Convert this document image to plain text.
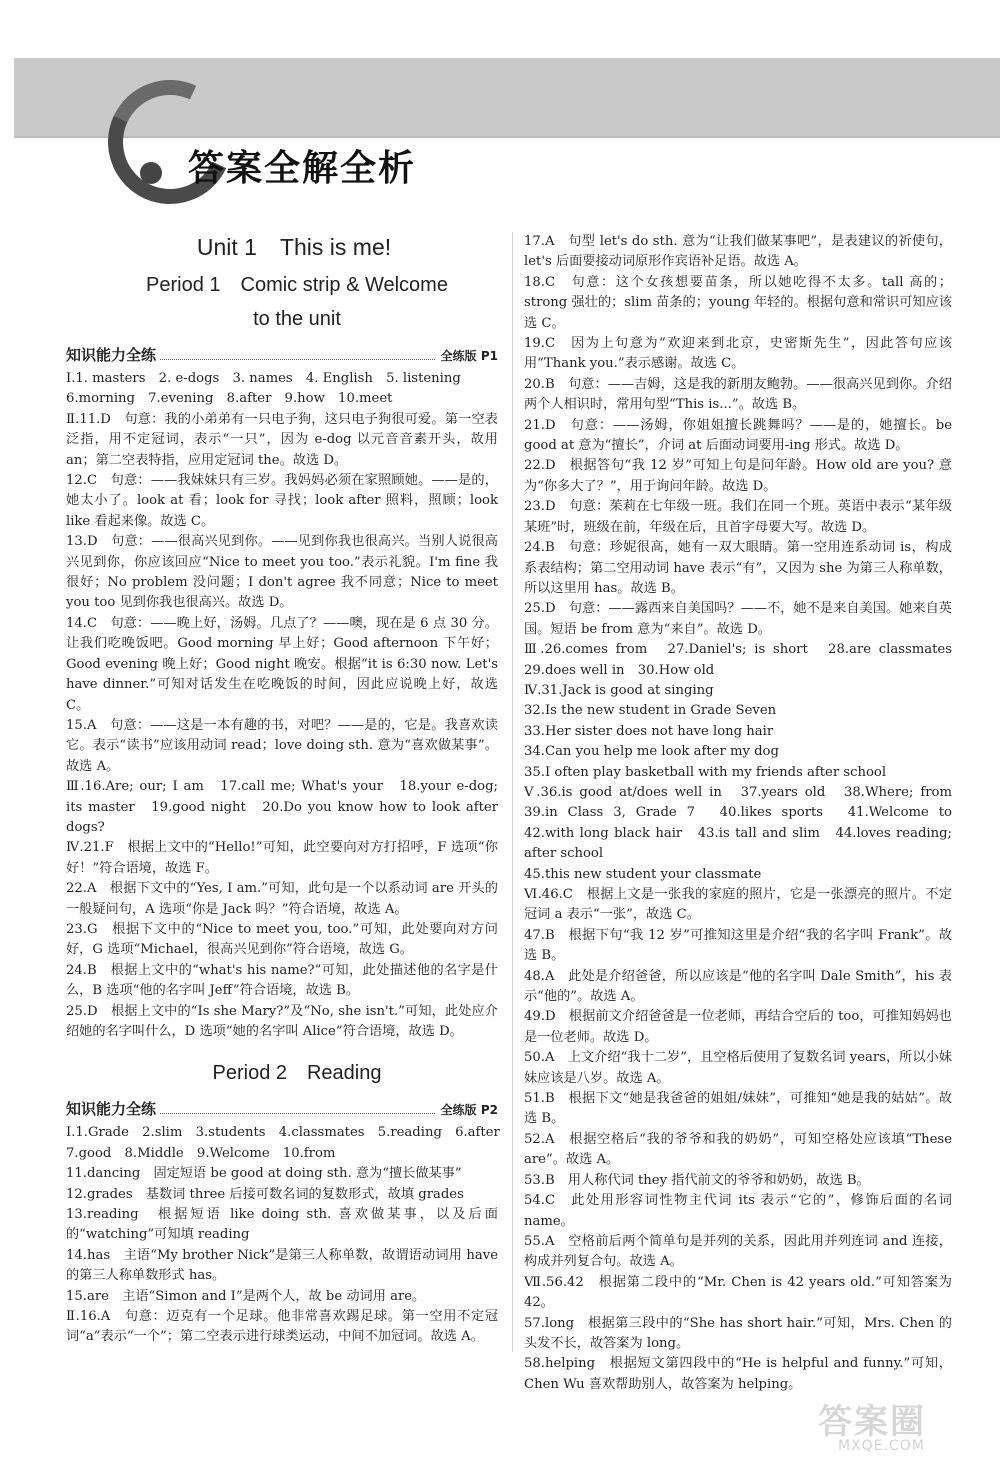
答案全解全析
Unit 1　This is me!
Period 1　Comic strip & Welcome
to the unit
知识能力全练	全练版 P1
Ⅰ.1. masters　2. e-dogs　3. names　4. English　5. listening
6.morning　7.evening　8.after　9.how　10.meet
Ⅱ.11.D　句意：我的小弟弟有一只电子狗，这只电子狗很可爱。第一空表泛指，用不定冠词，表示“一只”，因为 e-dog 以元音音素开头，故用 an；第二空表特指，应用定冠词 the。故选 D。
12.C　句意：——我妹妹只有三岁。我妈妈必须在家照顾她。——是的，她太小了。look at 看；look for 寻找；look after 照料，照顾；look like 看起来像。故选 C。
13.D　句意：——很高兴见到你。——见到你我也很高兴。当别人说很高兴见到你，你应该回应“Nice to meet you too.”表示礼貌。I'm fine 我很好；No problem 没问题；I don't agree 我不同意；Nice to meet you too 见到你我也很高兴。故选 D。
14.C　句意：——晚上好，汤姆。几点了？——噢，现在是 6 点 30 分。让我们吃晚饭吧。Good morning 早上好；Good afternoon 下午好；Good evening 晚上好；Good night 晚安。根据“it is 6:30 now. Let's have dinner.”可知对话发生在吃晚饭的时间，因此应说晚上好，故选 C。
15.A　句意：——这是一本有趣的书，对吧？——是的，它是。我喜欢读它。表示“读书”应该用动词 read；love doing sth. 意为“喜欢做某事”。故选 A。
Ⅲ.16.Are; our; I am　17.call me; What's your　18.your e-dog; its master　19.good night　20.Do you know how to look after dogs?
Ⅳ.21.F　根据上文中的“Hello!”可知，此空要向对方打招呼，F 选项“你好！”符合语境，故选 F。
22.A　根据下文中的“Yes, I am.”可知，此句是一个以系动词 are 开头的一般疑问句，A 选项“你是 Jack 吗？”符合语境，故选 A。
23.G　根据下文中的“Nice to meet you, too.”可知，此处要向对方问好，G 选项“Michael，很高兴见到你”符合语境，故选 G。
24.B　根据上文中的“what's his name?”可知，此处描述他的名字是什么，B 选项“他的名字叫 Jeff”符合语境，故选 B。
25.D　根据上文中的“Is she Mary?”及“No, she isn't.”可知，此处应介绍她的名字叫什么，D 选项“她的名字叫 Alice”符合语境，故选 D。
Period 2　Reading
知识能力全练	全练版 P2
Ⅰ.1.Grade　2.slim　3.students　4.classmates　5.reading　6.after
7.good　8.Middle　9.Welcome　10.from
11.dancing　固定短语 be good at doing sth. 意为“擅长做某事”
12.grades　基数词 three 后接可数名词的复数形式，故填 grades
13.reading　根据短语 like doing sth. 喜欢做某事，以及后面的“watching”可知填 reading
14.has　主语“My brother Nick”是第三人称单数，故谓语动词用 have 的第三人称单数形式 has。
15.are　主语“Simon and I”是两个人，故 be 动词用 are。
Ⅱ.16.A　句意：迈克有一个足球。他非常喜欢踢足球。第一空用不定冠词“a”表示“一个”；第二空表示进行球类运动，中间不加冠词。故选 A。
17.A　句型 let's do sth. 意为“让我们做某事吧”，是表建议的祈使句，let's 后面要接动词原形作宾语补足语。故选 A。
18.C　句意：这个女孩想要苗条，所以她吃得不太多。tall 高的；strong 强壮的；slim 苗条的；young 年轻的。根据句意和常识可知应该选 C。
19.C　因为上句意为“欢迎来到北京，史密斯先生”，因此答句应该用“Thank you.”表示感谢。故选 C。
20.B　句意：——吉姆，这是我的新朋友鲍勃。——很高兴见到你。介绍两个人相识时，常用句型“This is...”。故选 B。
21.D　句意：——汤姆，你姐姐擅长跳舞吗？——是的，她擅长。be good at 意为“擅长”，介词 at 后面动词要用-ing 形式。故选 D。
22.D　根据答句“我 12 岁”可知上句是问年龄。How old are you? 意为“你多大了？”，用于询问年龄。故选 D。
23.D　句意：茱莉在七年级一班。我们在同一个班。英语中表示“某年级某班”时，班级在前，年级在后，且首字母要大写。故选 D。
24.B　句意：珍妮很高，她有一双大眼睛。第一空用连系动词 is，构成系表结构；第二空用动词 have 表示“有”，又因为 she 为第三人称单数，所以这里用 has。故选 B。
25.D　句意：——露西来自美国吗？——不，她不是来自美国。她来自英国。短语 be from 意为“来自”。故选 D。
Ⅲ.26.comes from　27.Daniel's; is short　28.are classmates　29.does well in　30.How old
Ⅳ.31.Jack is good at singing
32.Is the new student in Grade Seven
33.Her sister does not have long hair
34.Can you help me look after my dog
35.I often play basketball with my friends after school
Ⅴ.36.is good at/does well in　37.years old　38.Where; from　39.in Class 3, Grade 7　40.likes sports　41.Welcome to　42.with long black hair　43.is tall and slim　44.loves reading; after school
45.this new student your classmate
Ⅵ.46.C　根据上文是一张我的家庭的照片，它是一张漂亮的照片。不定冠词 a 表示“一张”，故选 C。
47.B　根据下句“我 12 岁”可推知这里是介绍“我的名字叫 Frank”。故选 B。
48.A　此处是介绍爸爸，所以应该是“他的名字叫 Dale Smith”，his 表示“他的”。故选 A。
49.D　根据前文介绍爸爸是一位老师，再结合空后的 too，可推知妈妈也是一位老师。故选 D。
50.A　上文介绍“我十二岁”，且空格后使用了复数名词 years，所以小妹妹应该是八岁。故选 A。
51.B　根据下文“她是我爸爸的姐姐/妹妹”，可推知“她是我的姑姑”。故选 B。
52.A　根据空格后“我的爷爷和我的奶奶”，可知空格处应该填“These are”。故选 A。
53.B　用人称代词 they 指代前文的爷爷和奶奶，故选 B。
54.C　此处用形容词性物主代词 its 表示“它的”，修饰后面的名词 name。
55.A　空格前后两个简单句是并列的关系，因此用并列连词 and 连接，构成并列复合句。故选 A。
Ⅶ.56.42　根据第二段中的“Mr. Chen is 42 years old.”可知答案为 42。
57.long　根据第三段中的“She has short hair.”可知，Mrs. Chen 的头发不长，故答案为 long。
58.helping　根据短文第四段中的“He is helpful and funny.”可知，Chen Wu 喜欢帮助别人，故答案为 helping。
答案圈
MXQE.COM
